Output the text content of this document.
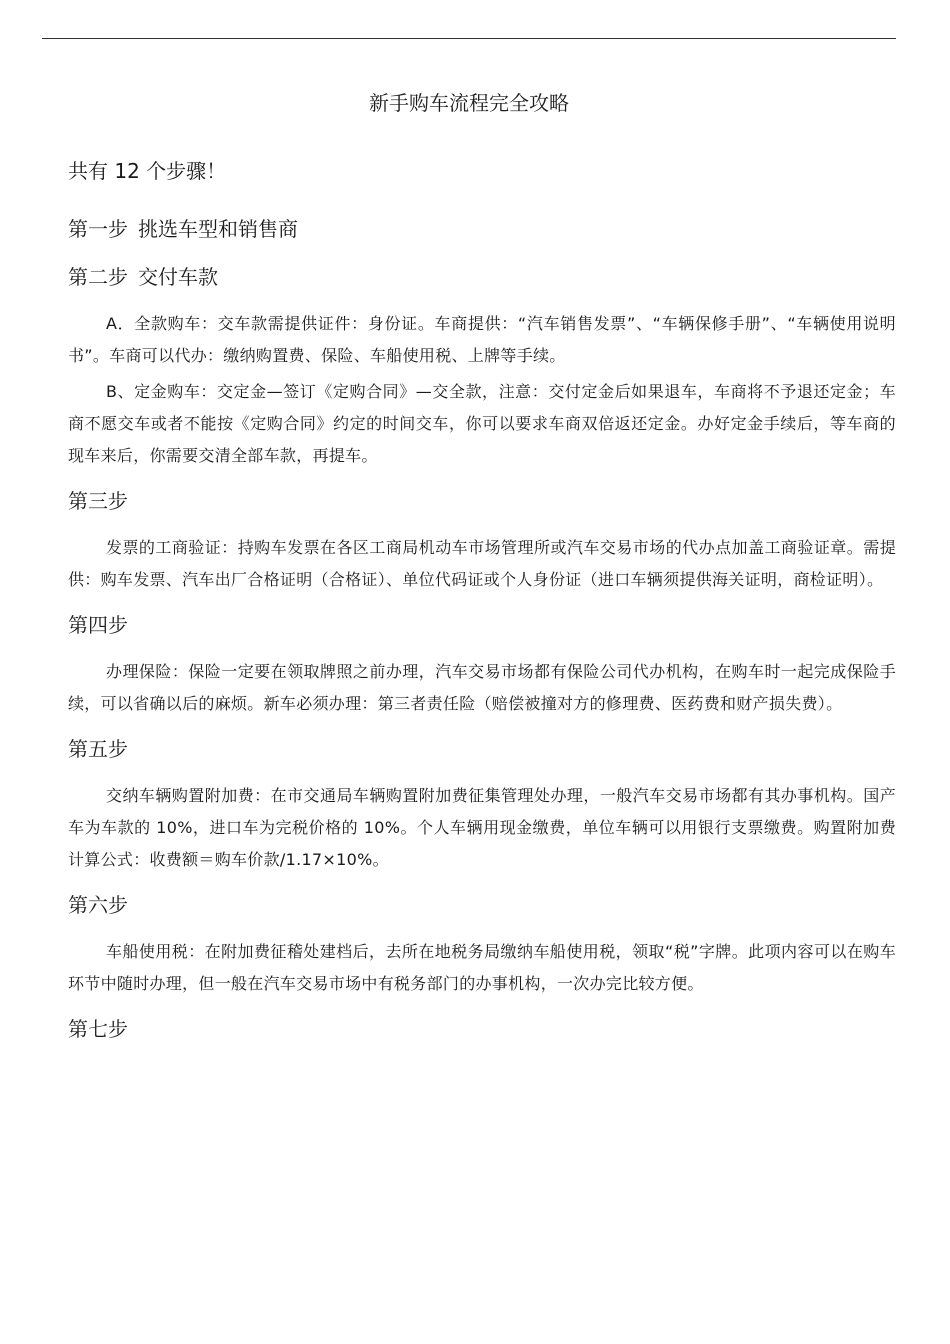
新手购车流程完全攻略

共有 12 个步骤！

第一步 挑选车型和销售商
第二步 交付车款

A．全款购车：交车款需提供证件：身份证。车商提供：“汽车销售发票”、“车辆保修手册”、“车辆使用说明书”。车商可以代办：缴纳购置费、保险、车船使用税、上牌等手续。

B、定金购车：交定金—签订《定购合同》—交全款，注意：交付定金后如果退车，车商将不予退还定金；车商不愿交车或者不能按《定购合同》约定的时间交车，你可以要求车商双倍返还定金。办好定金手续后，等车商的现车来后，你需要交清全部车款，再提车。

第三步

发票的工商验证：持购车发票在各区工商局机动车市场管理所或汽车交易市场的代办点加盖工商验证章。需提供：购车发票、汽车出厂合格证明（合格证）、单位代码证或个人身份证（进口车辆须提供海关证明，商检证明）。

第四步

办理保险：保险一定要在领取牌照之前办理，汽车交易市场都有保险公司代办机构，在购车时一起完成保险手续，可以省确以后的麻烦。新车必须办理：第三者责任险（赔偿被撞对方的修理费、医药费和财产损失费）。

第五步

交纳车辆购置附加费：在市交通局车辆购置附加费征集管理处办理，一般汽车交易市场都有其办事机构。国产车为车款的 10%，进口车为完税价格的 10%。个人车辆用现金缴费，单位车辆可以用银行支票缴费。购置附加费计算公式：收费额＝购车价款/1.17×10%。

第六步

车船使用税：在附加费征稽处建档后，去所在地税务局缴纳车船使用税，领取“税”字牌。此项内容可以在购车环节中随时办理，但一般在汽车交易市场中有税务部门的办事机构，一次办完比较方便。

第七步
